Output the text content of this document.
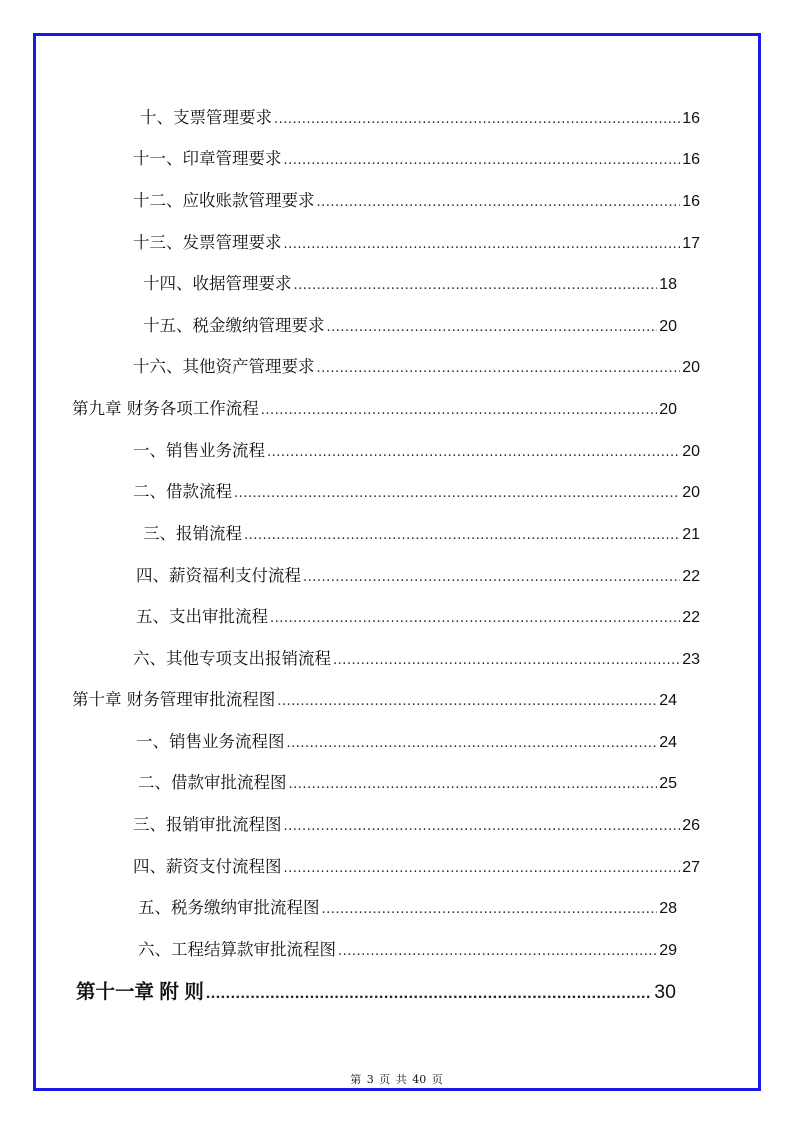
十、支票管理要求 .....	16
十一、印章管理要求 .....	16
十二、应收账款管理要求 .....	16
十三、发票管理要求 .....	17
十四、收据管理要求 .....	18
十五、税金缴纳管理要求 .....	20
十六、其他资产管理要求 .....	20
第九章 财务各项工作流程 .....	20
一、销售业务流程 .....	20
二、借款流程 .....	20
三、报销流程 .....	21
四、薪资福利支付流程 .....	22
五、支出审批流程 .....	22
六、其他专项支出报销流程 .....	23
第十章 财务管理审批流程图 .....	24
一、销售业务流程图 .....	24
二、借款审批流程图 .....	25
三、报销审批流程图 .....	26
四、薪资支付流程图 .....	27
五、税务缴纳审批流程图 .....	28
六、工程结算款审批流程图 .....	29
第十一章 附 则 .....	30
第 3 页 共 40 页
